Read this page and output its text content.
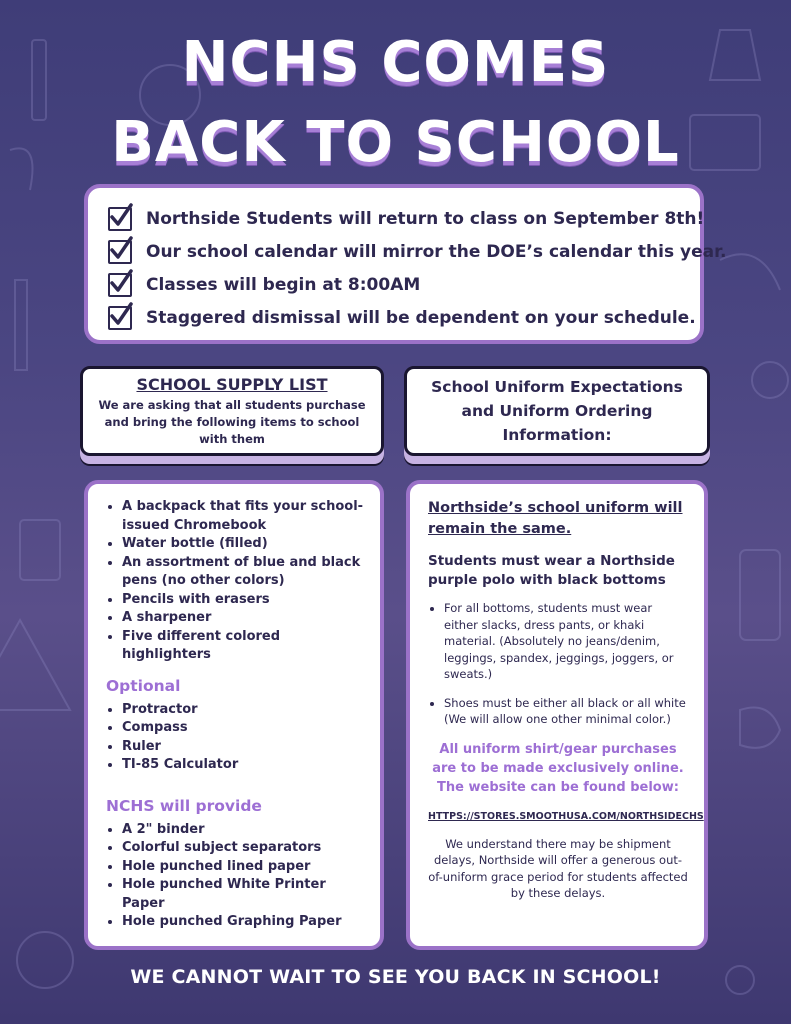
NCHS COMES
BACK TO SCHOOL
Northside Students will return to class on September 8th!
Our school calendar will mirror the DOE’s calendar this year.
Classes will begin at 8:00AM
Staggered dismissal will be dependent on your schedule.
SCHOOL SUPPLY LIST
We are asking that all students purchase and bring the following items to school with them
School Uniform Expectations and Uniform Ordering Information:
• A backpack that fits your school-issued Chromebook
• Water bottle (filled)
• An assortment of blue and black pens (no other colors)
• Pencils with erasers
• A sharpener
• Five different colored highlighters
Optional
• Protractor
• Compass
• Ruler
• TI-85 Calculator
NCHS will provide
• A 2" binder
• Colorful subject separators
• Hole punched lined paper
• Hole punched White Printer Paper
• Hole punched Graphing Paper
Northside’s school uniform will remain the same.
Students must wear a Northside purple polo with black bottoms
• For all bottoms, students must wear either slacks, dress pants, or khaki material. (Absolutely no jeans/denim, leggings, spandex, jeggings, joggers, or sweats.)
• Shoes must be either all black or all white (We will allow one other minimal color.)
All uniform shirt/gear purchases are to be made exclusively online. The website can be found below:
HTTPS://STORES.SMOOTHUSA.COM/NORTHSIDECHS
We understand there may be shipment delays, Northside will offer a generous out-of-uniform grace period for students affected by these delays.
WE CANNOT WAIT TO SEE YOU BACK IN SCHOOL!
